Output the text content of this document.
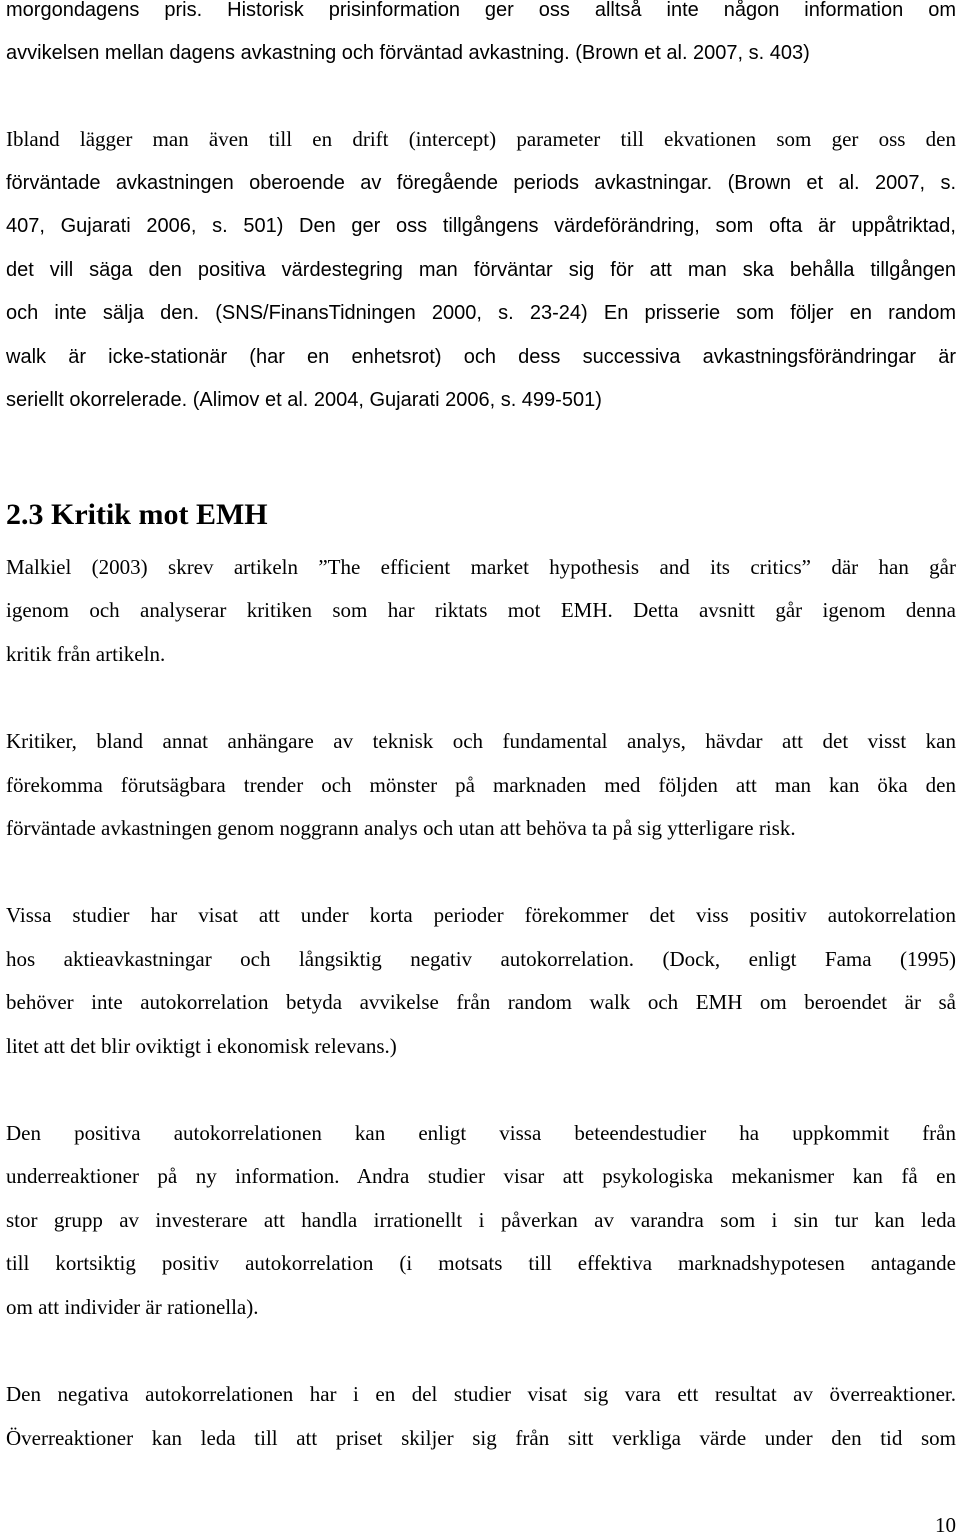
morgondagens pris. Historisk prisinformation ger oss alltså inte någon information om
avvikelsen mellan dagens avkastning och förväntad avkastning. (Brown et al. 2007, s. 403)
Ibland lägger man även till en drift (intercept) parameter till ekvationen som ger oss den
förväntade avkastningen oberoende av föregående periods avkastningar. (Brown et al. 2007, s.
407, Gujarati 2006, s. 501) Den ger oss tillgångens värdeförändring, som ofta är uppåtriktad,
det vill säga den positiva värdestegring man förväntar sig för att man ska behålla tillgången
och inte sälja den. (SNS/FinansTidningen 2000, s. 23-24) En prisserie som följer en random
walk är icke-stationär (har en enhetsrot) och dess successiva avkastningsförändringar är
seriellt okorrelerade. (Alimov et al. 2004, Gujarati 2006, s. 499-501)
2.3 Kritik mot EMH
Malkiel (2003) skrev artikeln ”The efficient market hypothesis and its critics” där han går
igenom och analyserar kritiken som har riktats mot EMH. Detta avsnitt går igenom denna
kritik från artikeln.
Kritiker, bland annat anhängare av teknisk och fundamental analys, hävdar att det visst kan
förekomma förutsägbara trender och mönster på marknaden med följden att man kan öka den
förväntade avkastningen genom noggrann analys och utan att behöva ta på sig ytterligare risk.
Vissa studier har visat att under korta perioder förekommer det viss positiv autokorrelation
hos aktieavkastningar och långsiktig negativ autokorrelation. (Dock, enligt Fama (1995)
behöver inte autokorrelation betyda avvikelse från random walk och EMH om beroendet är så
litet att det blir oviktigt i ekonomisk relevans.)
Den positiva autokorrelationen kan enligt vissa beteendestudier ha uppkommit från
underreaktioner på ny information. Andra studier visar att psykologiska mekanismer kan få en
stor grupp av investerare att handla irrationellt i påverkan av varandra som i sin tur kan leda
till kortsiktig positiv autokorrelation (i motsats till effektiva marknadshypotesen antagande
om att individer är rationella).
Den negativa autokorrelationen har i en del studier visat sig vara ett resultat av överreaktioner.
Överreaktioner kan leda till att priset skiljer sig från sitt verkliga värde under den tid som
10
